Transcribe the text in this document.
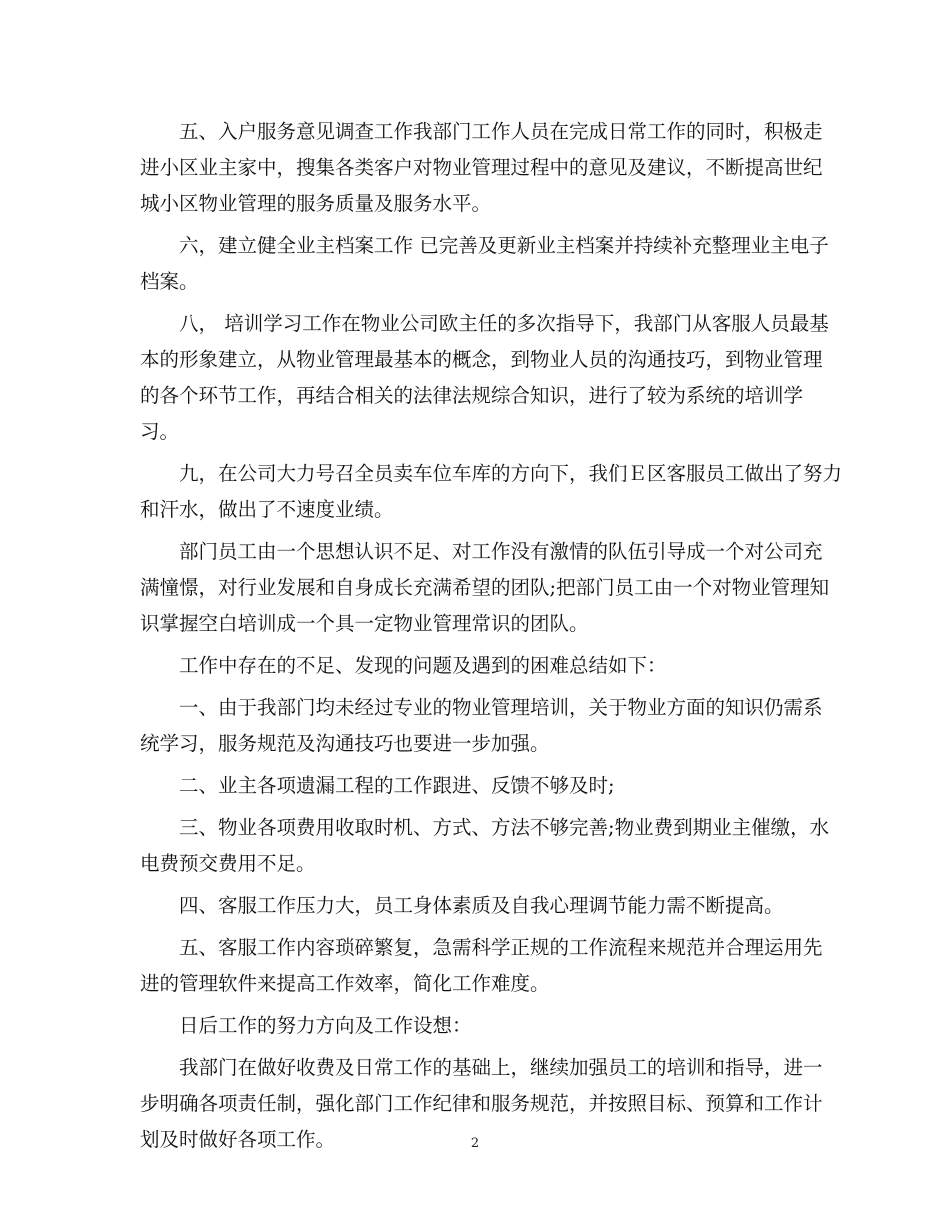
五、入户服务意见调查工作我部门工作人员在完成日常工作的同时，积极走
进小区业主家中，搜集各类客户对物业管理过程中的意见及建议，不断提高世纪
城小区物业管理的服务质量及服务水平。
六，建立健全业主档案工作 已完善及更新业主档案并持续补充整理业主电子
档案。
八， 培训学习工作在物业公司欧主任的多次指导下，我部门从客服人员最基
本的形象建立，从物业管理最基本的概念，到物业人员的沟通技巧，到物业管理
的各个环节工作，再结合相关的法律法规综合知识，进行了较为系统的培训学
习。
九，在公司大力号召全员卖车位车库的方向下，我们Ｅ区客服员工做出了努力
和汗水，做出了不速度业绩。
部门员工由一个思想认识不足、对工作没有激情的队伍引导成一个对公司充
满憧憬，对行业发展和自身成长充满希望的团队;把部门员工由一个对物业管理知
识掌握空白培训成一个具一定物业管理常识的团队。
工作中存在的不足、发现的问题及遇到的困难总结如下：
一、由于我部门均未经过专业的物业管理培训，关于物业方面的知识仍需系
统学习，服务规范及沟通技巧也要进一步加强。
二、业主各项遗漏工程的工作跟进、反馈不够及时;
三、物业各项费用收取时机、方式、方法不够完善;物业费到期业主催缴，水
电费预交费用不足。
四、客服工作压力大，员工身体素质及自我心理调节能力需不断提高。
五、客服工作内容琐碎繁复，急需科学正规的工作流程来规范并合理运用先
进的管理软件来提高工作效率，简化工作难度。
日后工作的努力方向及工作设想：
我部门在做好收费及日常工作的基础上，继续加强员工的培训和指导，进一
步明确各项责任制，强化部门工作纪律和服务规范，并按照目标、预算和工作计
划及时做好各项工作。	2
